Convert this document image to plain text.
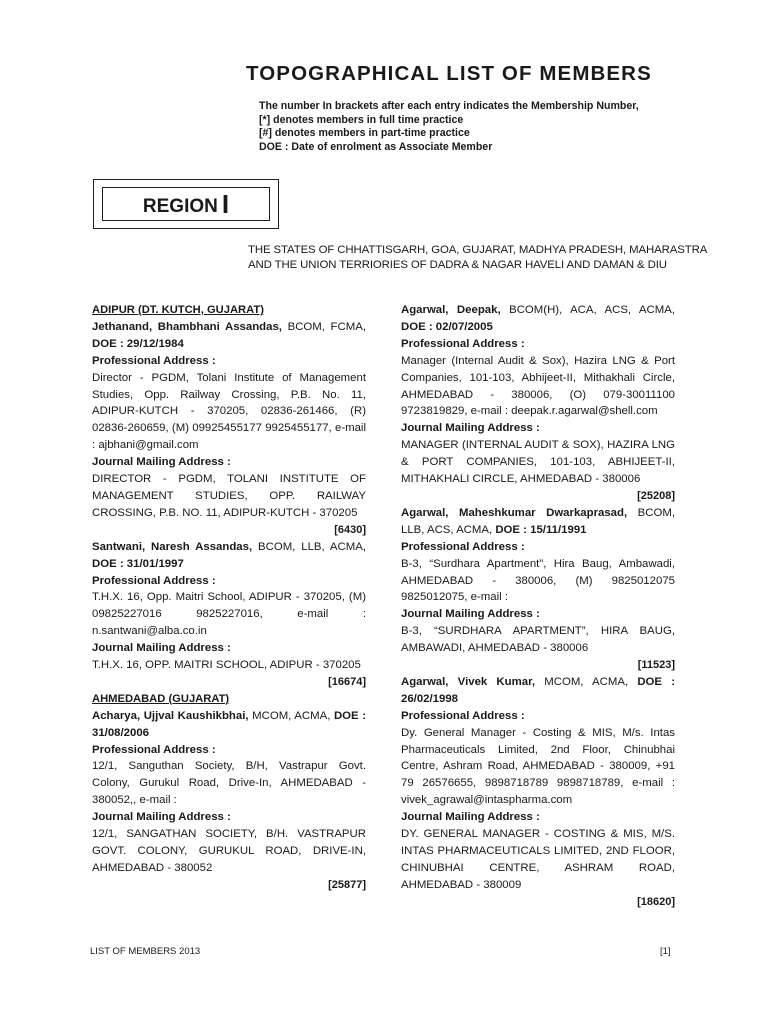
TOPOGRAPHICAL LIST OF MEMBERS
The number In brackets after each entry indicates the Membership Number,
[*] denotes members in full time practice
[#] denotes members in part-time practice
DOE : Date of enrolment as Associate Member
REGION I
THE STATES OF CHHATTISGARH, GOA, GUJARAT, MADHYA PRADESH, MAHARASTRA AND THE UNION TERRIORIES OF DADRA & NAGAR HAVELI AND DAMAN & DIU
ADIPUR (DT. KUTCH, GUJARAT)
Jethanand, Bhambhani Assandas, BCOM, FCMA, DOE : 29/12/1984
Professional Address :
Director - PGDM, Tolani Institute of Management Studies, Opp. Railway Crossing, P.B. No. 11, ADIPUR-KUTCH - 370205, 02836-261466, (R) 02836-260659, (M) 09925455177 9925455177, e-mail : ajbhani@gmail.com
Journal Mailing Address :
DIRECTOR - PGDM, TOLANI INSTITUTE OF MANAGEMENT STUDIES, OPP. RAILWAY CROSSING, P.B. NO. 11, ADIPUR-KUTCH - 370205
[6430]
Santwani, Naresh Assandas, BCOM, LLB, ACMA, DOE : 31/01/1997
Professional Address :
T.H.X. 16, Opp. Maitri School, ADIPUR - 370205, (M) 09825227016 9825227016, e-mail : n.santwani@alba.co.in
Journal Mailing Address :
T.H.X. 16, OPP. MAITRI SCHOOL, ADIPUR - 370205
[16674]
AHMEDABAD (GUJARAT)
Acharya, Ujjval Kaushikbhai, MCOM, ACMA, DOE : 31/08/2006
Professional Address :
12/1, Sanguthan Society, B/H, Vastrapur Govt. Colony, Gurukul Road, Drive-In, AHMEDABAD - 380052,, e-mail :
Journal Mailing Address :
12/1, SANGATHAN SOCIETY, B/H. VASTRAPUR GOVT. COLONY, GURUKUL ROAD, DRIVE-IN, AHMEDABAD - 380052
[25877]
Agarwal, Deepak, BCOM(H), ACA, ACS, ACMA, DOE : 02/07/2005
Professional Address :
Manager (Internal Audit & Sox), Hazira LNG & Port Companies, 101-103, Abhijeet-II, Mithakhali Circle, AHMEDABAD - 380006, (O) 079-30011100 9723819829, e-mail : deepak.r.agarwal@shell.com
Journal Mailing Address :
MANAGER (INTERNAL AUDIT & SOX), HAZIRA LNG & PORT COMPANIES, 101-103, ABHIJEET-II, MITHAKHALI CIRCLE, AHMEDABAD - 380006
[25208]
Agarwal, Maheshkumar Dwarkaprasad, BCOM, LLB, ACS, ACMA, DOE : 15/11/1991
Professional Address :
B-3, “Surdhara Apartment”, Hira Baug, Ambawadi, AHMEDABAD - 380006, (M) 9825012075 9825012075, e-mail :
Journal Mailing Address :
B-3, “SURDHARA APARTMENT”, HIRA BAUG, AMBAWADI, AHMEDABAD - 380006
[11523]
Agarwal, Vivek Kumar, MCOM, ACMA, DOE : 26/02/1998
Professional Address :
Dy. General Manager - Costing & MIS, M/s. Intas Pharmaceuticals Limited, 2nd Floor, Chinubhai Centre, Ashram Road, AHMEDABAD - 380009, +91 79 26576655, 9898718789 9898718789, e-mail : vivek_agrawal@intaspharma.com
Journal Mailing Address :
DY. GENERAL MANAGER - COSTING & MIS, M/S. INTAS PHARMACEUTICALS LIMITED, 2ND FLOOR, CHINUBHAI CENTRE, ASHRAM ROAD, AHMEDABAD - 380009
[18620]
LIST OF MEMBERS 2013	[1]
